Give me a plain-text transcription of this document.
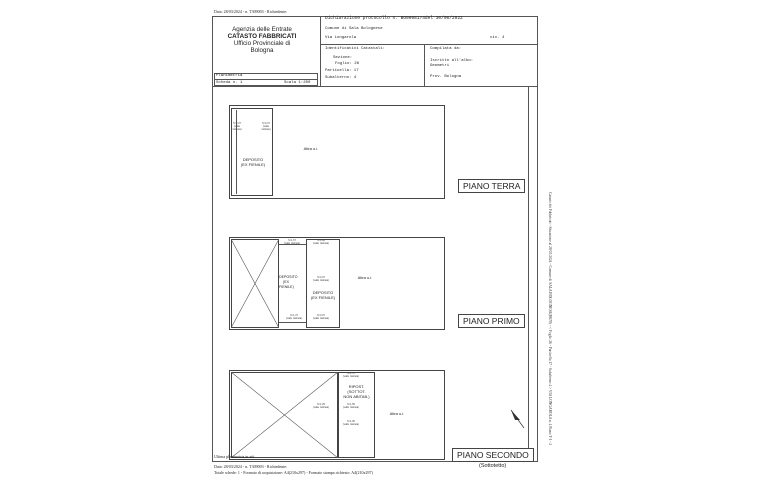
Data: 28/03/2024 - n. T309003 - Richiedente:
Agenzia delle Entrate
CATASTO FABBRICATI
Ufficio Provinciale di
Bologna
Dichiarazione protocollo n. BO0098174del 30/06/2022
Comune di Sala Bolognese
Via Longarola	civ. 4
Identificativi Catastali:
Sezione:
Foglio: 26
Particella: 17
Subalterno: 4
Compilata da:
Iscritto all'albo:
Geometri
Prov. Bologna
Planimetria
Scheda n. 1	Scala 1:200
DEPOSITO
(EX FIENILE)
Altra u.i.
h=3,37
(valle rialzata)
h=3,37
(valle rialzata)
PIANO TERRA
DEPOSITO
(EX FIENILE)
DEPOSITO
(EX FIENILE)
Altra u.i.
h=1,57
(valle rialzata)
h=1,90
(valle rialzata)
h=3,37
(valle rialzata)
h=1,37
(valle rialzata)
h=3,37
(valle rialzata)	PIANO PRIMO
RIPOST.
(SOTTOT.
NON ABITAB.)
Altra u.i.
h=1,57
(valle rialzata)
h=1,25
(valle rialzata)
h=1,50
(valle rialzata)
h=1,00
(valle rialzata)
PIANO SECONDO
(Sottotetto)
Catasto dei Fabbricati - Situazione al 28/03/2024 - Comune di SALA BOLOGNESE(H678) - < Foglio 26 - Particella 17 - Subalterno 4 > VIA LONGAROLA n. 4 Piano T-1 - 2
Ultima planimetria in atti
Data: 28/03/2024 - n. T309003 - Richiedente:
Totale schede: 1 - Formato di acquisizione: A4(210x297) - Formato stampa richiesto: A4(210x297)
